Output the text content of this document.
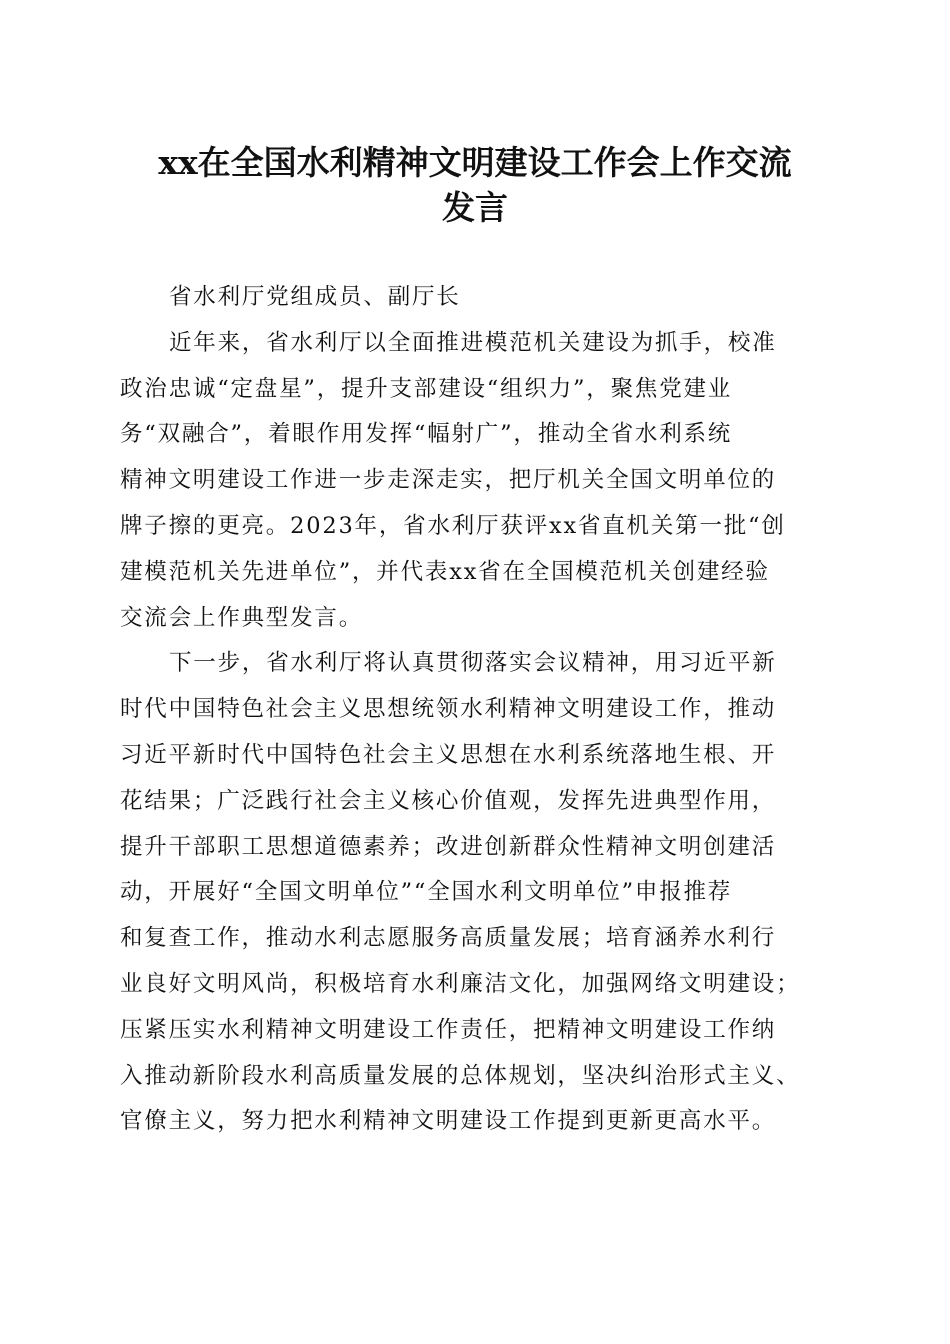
xx在全国水利精神文明建设工作会上作交流
发言
省水利厅党组成员、副厅长
近年来，省水利厅以全面推进模范机关建设为抓手，校准
政治忠诚“定盘星”，提升支部建设“组织力”，聚焦党建业
务“双融合”，着眼作用发挥“幅射广”，推动全省水利系统
精神文明建设工作进一步走深走实，把厅机关全国文明单位的
牌子擦的更亮。2023年，省水利厅获评xx省直机关第一批“创
建模范机关先进单位”，并代表xx省在全国模范机关创建经验
交流会上作典型发言。
下一步，省水利厅将认真贯彻落实会议精神，用习近平新
时代中国特色社会主义思想统领水利精神文明建设工作，推动
习近平新时代中国特色社会主义思想在水利系统落地生根、开
花结果；广泛践行社会主义核心价值观，发挥先进典型作用，
提升干部职工思想道德素养；改进创新群众性精神文明创建活
动，开展好“全国文明单位”“全国水利文明单位”申报推荐
和复查工作，推动水利志愿服务高质量发展；培育涵养水利行
业良好文明风尚，积极培育水利廉洁文化，加强网络文明建设；
压紧压实水利精神文明建设工作责任，把精神文明建设工作纳
入推动新阶段水利高质量发展的总体规划，坚决纠治形式主义、
官僚主义，努力把水利精神文明建设工作提到更新更高水平。
